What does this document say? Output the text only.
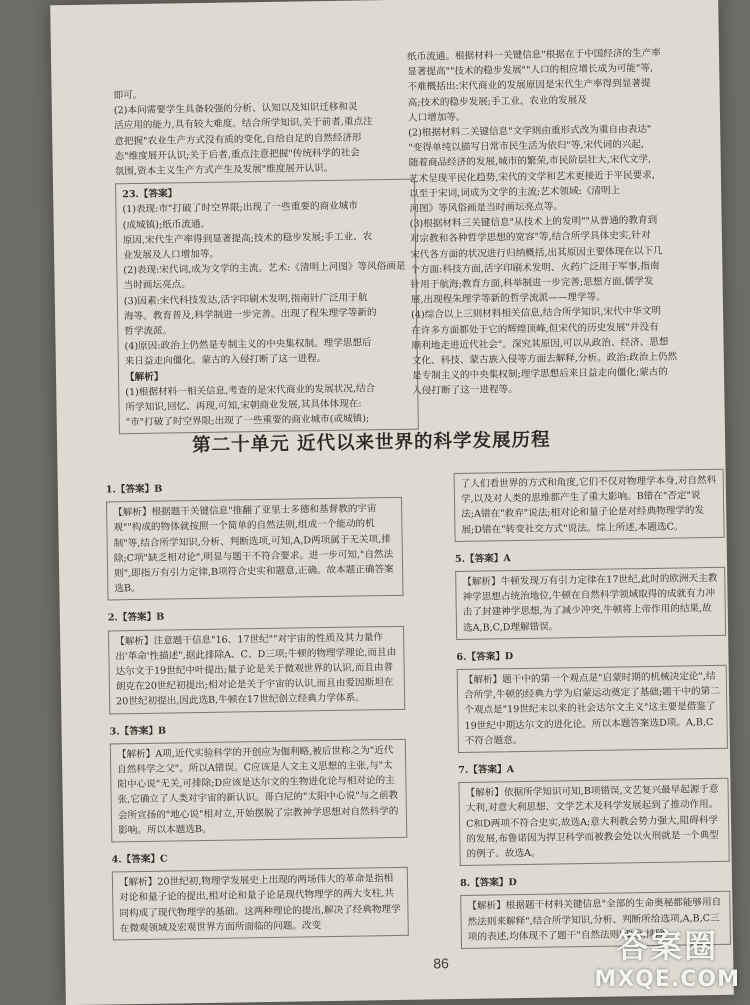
即可。

(2)本问需要学生具备较强的分析、认知以及知识迁移和灵

活应用的能力,具有较大难度。结合所学知识,关于前者,重点注

意把握"农业生产方式没有质的变化,自给自足的自然经济形

态"维度展开认识;关于后者,重点注意把握"传统科学的社会

氛围,资本主义生产方式产生及发展"维度展开认识。

23.【答案】

(1)表现:市"打破了时空界限;出现了一些重要的商业城市

(成城镇);纸币流通。

原因,宋代生产率得到显著提高;技术的稳步发展;手工业、农

业发展及人口增加等。

(2)表现:宋代词,成为文学的主流。艺术:《清明上河图》等风俗画是

当时画坛亮点。

(3)因素:宋代科技发达,活字印刷术发明,指南针广泛用于航

海等。教育普及,科学制进一步完善。出现了程朱理学等新的

哲学流派。

(4)原因:政治上仍然是专制主义的中央集权制。理学思想后

来日益走向僵化。蒙古的入侵打断了这一进程。

【解析】

(1)根据材料一相关信息,考查的是宋代商业的发展状况,结合

所学知识,回忆、再现,可知,宋朝商业发展,其具体体现在:

"市"打破了时空界限;出现了一些重要的商业城市(或城镇);

纸币流通。根据材料一关键信息"根据在于中国经济的生产率

显著提高""技术的稳步发展""人口的相应增长成为可能"等,

不难概括出:宋代商业的发展原因是宋代生产率得到显著提

高;技术的稳步发展;手工业、农业的发展及

人口增加等。

(2)根据材料二关键信息"文学则由重形式改为重自由表达"

"变得单纯以描写日常市民生活为依归"等,宋代词的兴起,

随着商品经济的发展,城市的繁荣,市民阶层壮大,宋代文学,

艺术呈现平民化趋势,宋代的文学和艺术更接近于平民要求,

以至于宋词,词成为文学的主流;艺术领域:《清明上

河图》等风俗画是当时画坛亮点等。

(3)根据材料三关键信息"从技术上的发明""从普通的教育到

对宗教和各种哲学思想的宽容"等,结合所学具体史实,针对

宋代各方面的状况进行归纳概括,出其原因主要体现在以下几

个方面:科技方面,活字印刷术发明、火药广泛用于军事,指南

针用于航海;教育方面,科举制进一步完善;思想方面,儒学发

展,出现程朱理学等新的哲学流派——理学等。

(4)综合以上三则材料相关信息,结合所学知识,宋代中华文明

在许多方面都处于它的辉煌顶峰,但宋代的历史发展"并没有

顺利地走进近代社会"。深究其原因,可以从政治、经济、思想

文化、科技、蒙古族入侵等方面去解释,分析。政治:政治上仍然

是专制主义的中央集权制;理学思想后来日益走向僵化;蒙古的

入侵打断了这一进程等。

第二十单元 近代以来世界的科学发展历程

1.【答案】B

【解析】根据题干关键信息"推翻了亚里士多德和基督教的宇宙观""构成的物体就按照一个简单的自然法则,组成一个能动的机制"等,结合所学知识,分析、判断选项,可知,A,D两项属于无关项,排除;C项"缺乏相对论",明显与题干不符合要求。进一步可知,"自然法则",即指万有引力定律,B项符合史实和题意,正确。故本题正确答案选B。

2.【答案】B

【解析】注意题干信息"16、17世纪""对宇宙的性质及其力量作出'革命'性描述",据此排除A、C、D三项;牛顿的物理学理论,而且由达尔文于19世纪中叶提出;量子论是关于微观世界的认识,而且由普朗克在20世纪初提出;相对论是关于宇宙的认识,而且由爱因斯坦在20世纪初提出,因此选B,牛顿在17世纪创立经典力学体系。

3.【答案】B

【解析】A项,近代实验科学的开创应为伽利略,被后世称之为"近代自然科学之父"。所以A错误。C应该是人文主义思想的主张,与"太阳中心说"无关,可排除;D应该是达尔文的生物进化论与相对论的主张,它确立了人类对宇宙的新认识。哥白尼的"太阳中心说"与之前教会所宣扬的"地心说"相对立,开始摆脱了宗教神学思想对自然科学的影响。所以本题选B。

4.【答案】C

【解析】20世纪初,物理学发展史上出现的两场伟大的革命是指相对论和量子论的提出,相对论和量子论是现代物理学的两大支柱,共同构成了现代物理学的基础。这两种理论的提出,解决了经典物理学在微观领域及宏观世界方面所面临的问题。改变

了人们看世界的方式和角度,它们不仅对物理学本身,对自然科学,以及对人类的思维都产生了重大影响。B错在"否定"说法;A错在"救弃"说法;相对论和量子论是对经典物理学的发展;D错在"转变社交方式"说法。综上所述,本题选C。

5.【答案】A

【解析】牛顿发现万有引力定律在17世纪,此时的欧洲天主教神学思想占统治地位,牛顿在自然科学领域取得的成就有力冲击了封建神学思想,为了减少冲突,牛顿将上帝作用的结果,故选A,B,C,D理解错误。

6.【答案】D

【解析】题干中的第一个观点是"启蒙时期的机械决定论",结合所学,牛顿的经典力学为启蒙运动奠定了基础;题干中的第二个观点是"19世纪末以来的社会达尔文主义"这主要是借鉴了19世纪中期达尔文的进化论。所以本题答案选D项。A,B,C不符合题意。

7.【答案】A

【解析】依据所学知识可知,B项错误,文艺复兴最早起源于意大利,对意大利思想、文学艺术及科学发展起到了推动作用。C和D两项不符合史实,故选A;意大利教会势力强大,阻碍科学的发展,布鲁诺因为捍卫科学而被教会处以火刑就是一个典型的例子。故选A。

8.【答案】D

【解析】根据题干材料关键信息"全部的生命奥秘都能够用自然法则来解释",结合所学知识,分析、判断所给选项,A,B,C三项的表述,均体现不了题干"自然法则"要求,排除;

86	答案圈
MXQE.COM
